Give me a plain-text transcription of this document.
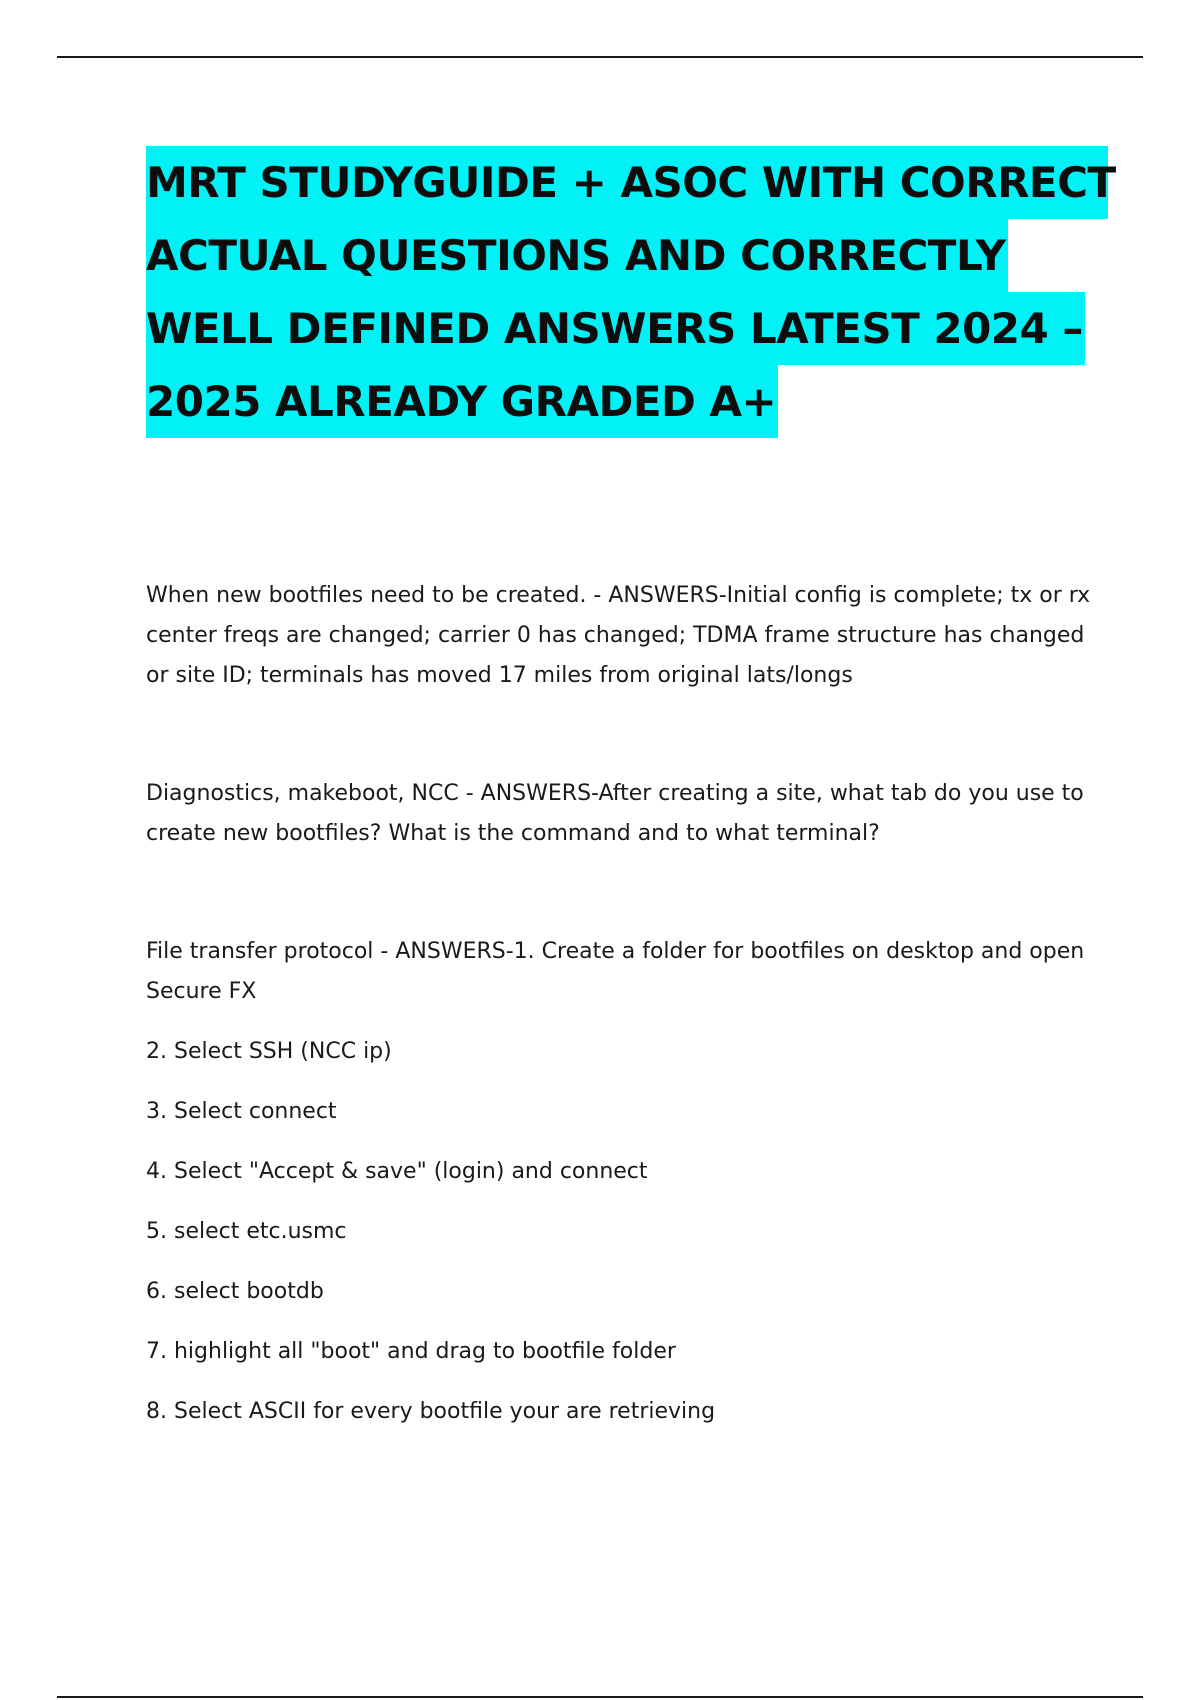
MRT STUDYGUIDE + ASOC WITH CORRECT
ACTUAL QUESTIONS AND CORRECTLY
WELL DEFINED ANSWERS LATEST 2024 –
2025 ALREADY GRADED A+

When new bootfiles need to be created. - ANSWERS-Initial config is complete; tx or rx center freqs are changed; carrier 0 has changed; TDMA frame structure has changed or site ID; terminals has moved 17 miles from original lats/longs

Diagnostics, makeboot, NCC - ANSWERS-After creating a site, what tab do you use to create new bootfiles? What is the command and to what terminal?

File transfer protocol - ANSWERS-1. Create a folder for bootfiles on desktop and open Secure FX

2. Select SSH (NCC ip)

3. Select connect

4. Select "Accept & save" (login) and connect

5. select etc.usmc

6. select bootdb

7. highlight all "boot" and drag to bootfile folder

8. Select ASCII for every bootfile your are retrieving
